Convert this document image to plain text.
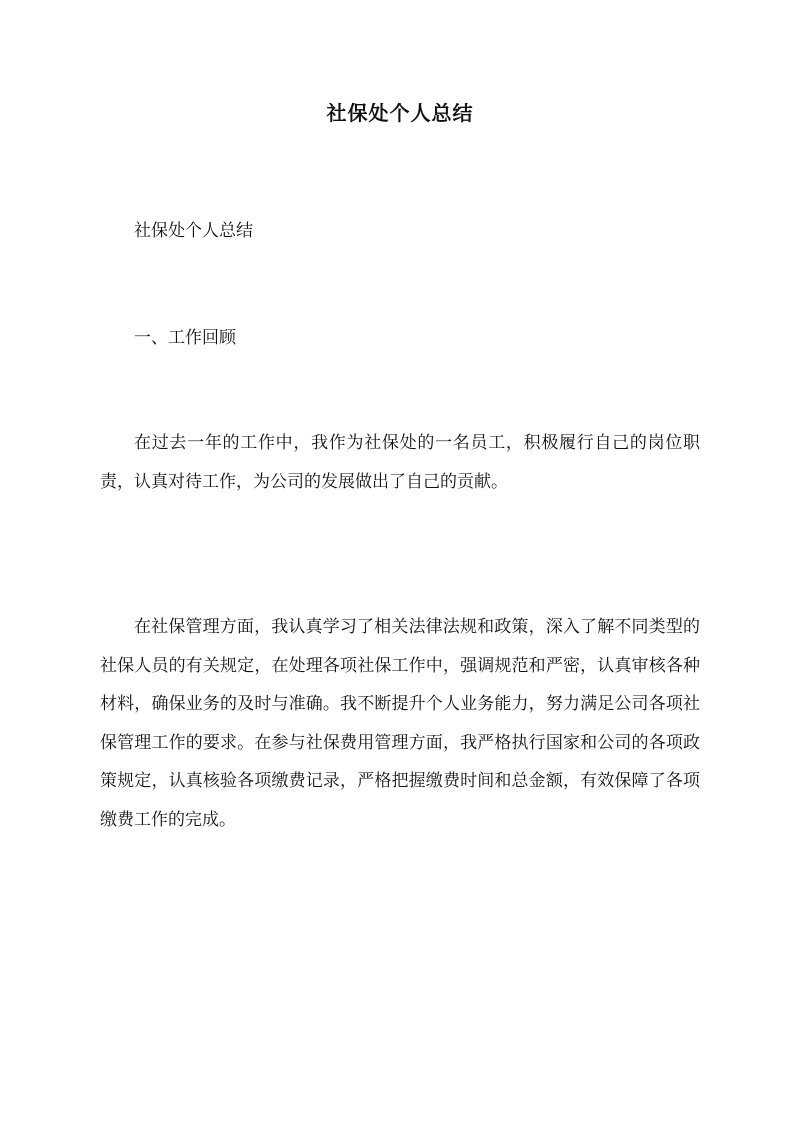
社保处个人总结

社保处个人总结

一、工作回顾

在过去一年的工作中，我作为社保处的一名员工，积极履行自己的岗位职责，认真对待工作，为公司的发展做出了自己的贡献。

在社保管理方面，我认真学习了相关法律法规和政策，深入了解不同类型的社保人员的有关规定，在处理各项社保工作中，强调规范和严密，认真审核各种材料，确保业务的及时与准确。我不断提升个人业务能力，努力满足公司各项社保管理工作的要求。在参与社保费用管理方面，我严格执行国家和公司的各项政策规定，认真核验各项缴费记录，严格把握缴费时间和总金额，有效保障了各项缴费工作的完成。
